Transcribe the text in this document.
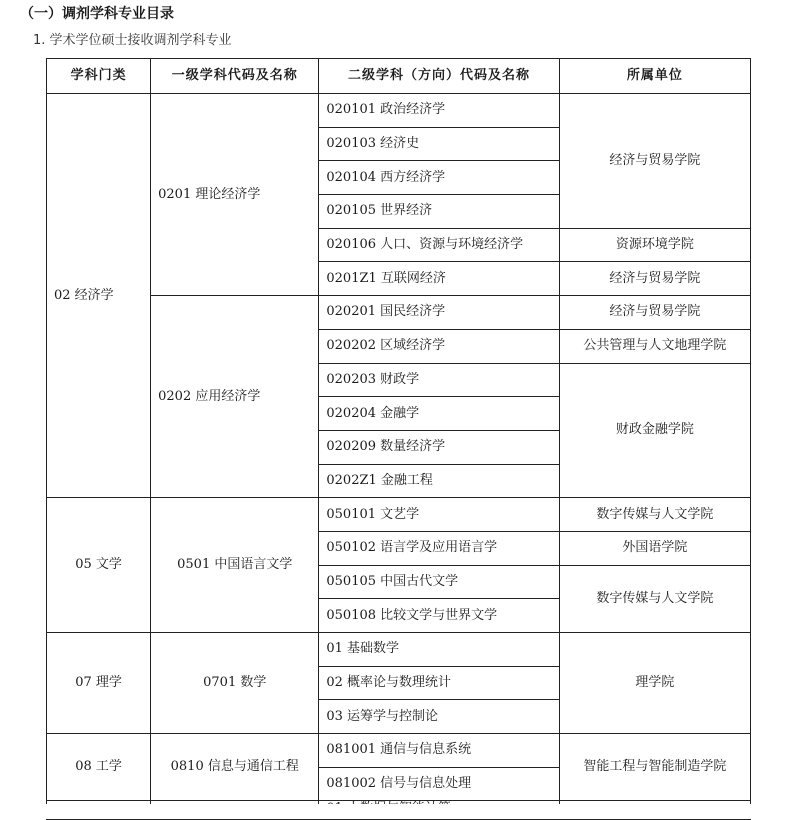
（一）调剂学科专业目录
1. 学术学位硕士接收调剂学科专业
学科门类	一级学科代码及名称	二级学科（方向）代码及名称	所属单位
02 经济学	0201 理论经济学	020101 政治经济学	经济与贸易学院
		020103 经济史	
		020104 西方经济学	
		020105 世界经济	
		020106 人口、资源与环境经济学	资源环境学院
		0201Z1 互联网经济	经济与贸易学院
	0202 应用经济学	020201 国民经济学	经济与贸易学院
		020202 区域经济学	公共管理与人文地理学院
		020203 财政学	财政金融学院
		020204 金融学	
		020209 数量经济学	
		0202Z1 金融工程	
05 文学	0501 中国语言文学	050101 文艺学	数字传媒与人文学院
		050102 语言学及应用语言学	外国语学院
		050105 中国古代文学	数字传媒与人文学院
		050108 比较文学与世界文学	
07 理学	0701 数学	01 基础数学	理学院
		02 概率论与数理统计	
		03 运筹学与控制论	
08 工学	0810 信息与通信工程	081001 通信与信息系统	智能工程与智能制造学院
		081002 信号与信息处理	
